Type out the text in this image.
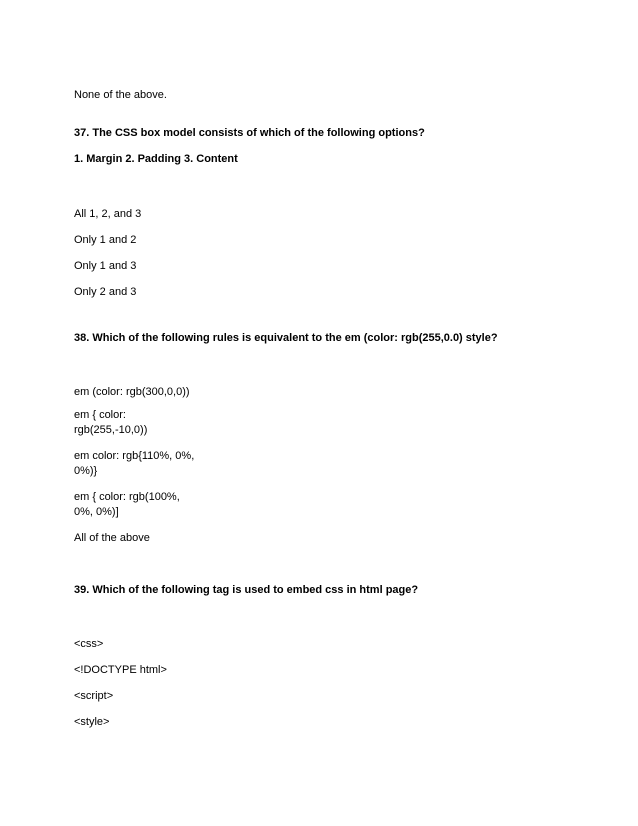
None of the above.
37. The CSS box model consists of which of the following options?
1. Margin 2. Padding 3. Content
All 1, 2, and 3
Only 1 and 2
Only 1 and 3
Only 2 and 3
38. Which of the following rules is equivalent to the em (color: rgb(255,0.0) style?
em (color: rgb(300,0,0))
em { color:
rgb(255,-10,0))
em color: rgb{110%, 0%,
0%)}
em { color: rgb(100%,
0%, 0%)]
All of the above
39. Which of the following tag is used to embed css in html page?
<css>
<!DOCTYPE html>
<script>
<style>
